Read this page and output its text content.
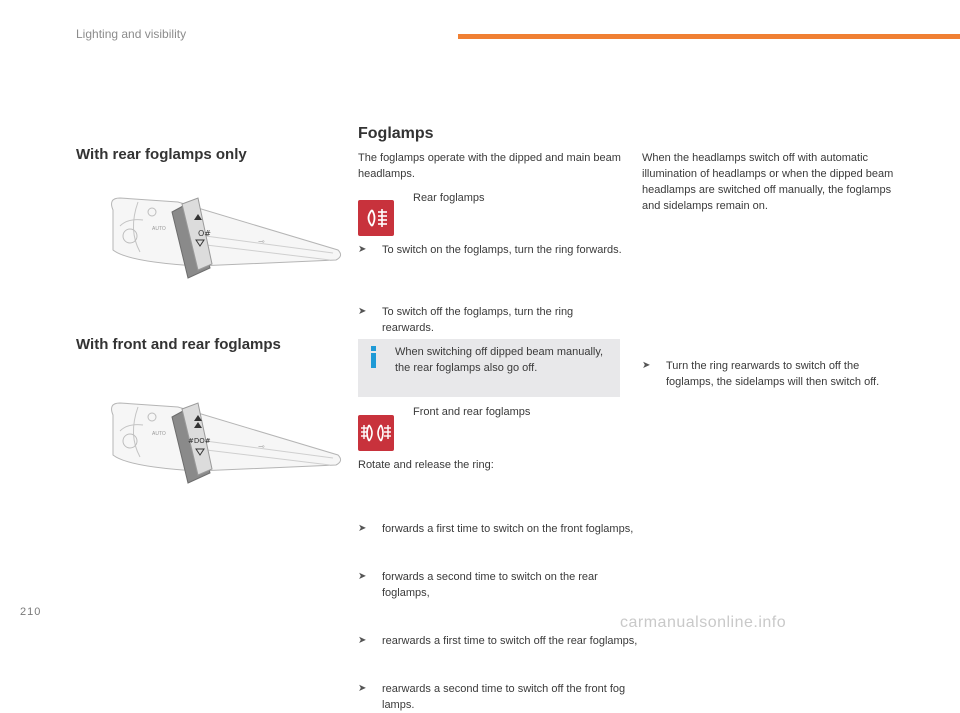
Lighting and visibility
With rear foglamps only
With front and rear foglamps
AUTO
⊸
O#
AUTO
⊸
#DO#
Foglamps
The foglamps operate with the dipped and main beam headlamps.
Rear foglamps
➤ To switch on the foglamps, turn the ring forwards.
➤ To switch off the foglamps, turn the ring rearwards.
When switching off dipped beam manually, the rear foglamps also go off.
Front and rear foglamps
Rotate and release the ring:
➤ forwards a first time to switch on the front foglamps,
➤ forwards a second time to switch on the rear foglamps,
➤ rearwards a first time to switch off the rear foglamps,
➤ rearwards a second time to switch off the front fog lamps.
When the headlamps switch off with automatic illumination of headlamps or when the dipped beam headlamps are switched off manually, the foglamps and sidelamps remain on.
➤ Turn the ring rearwards to switch off the foglamps, the sidelamps will then switch off.
210
carmanualsonline.info
